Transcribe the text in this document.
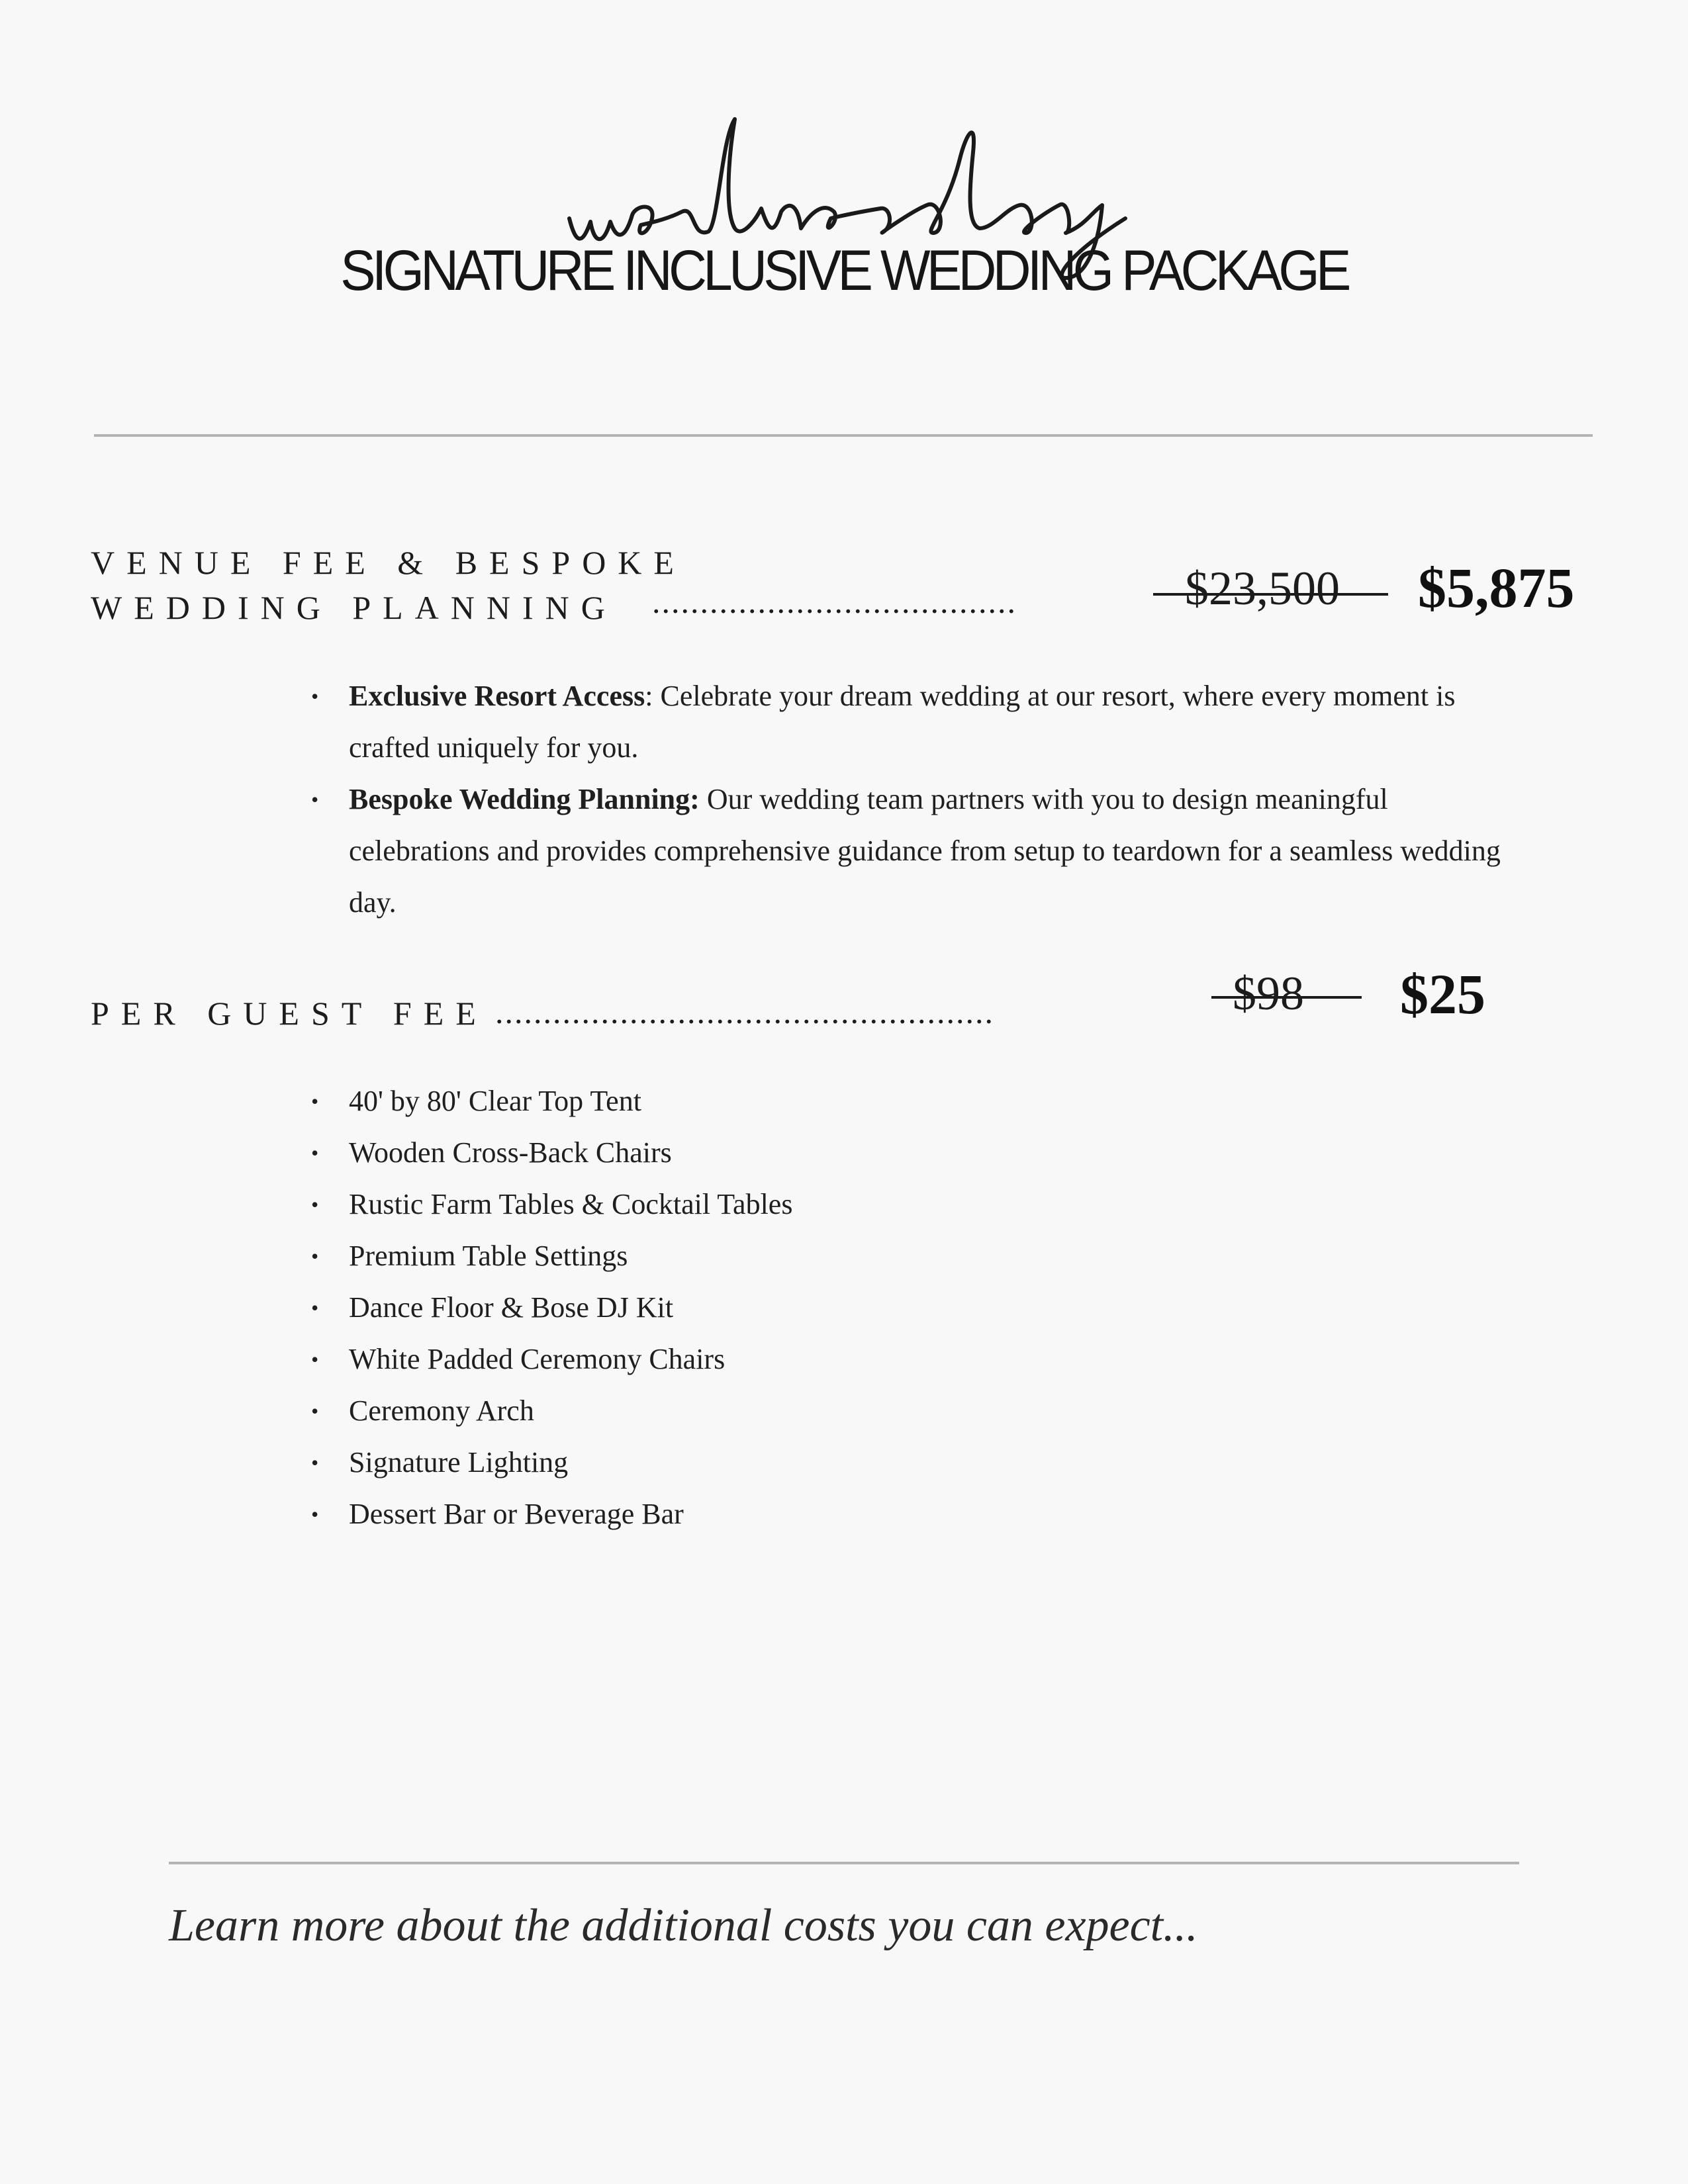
SIGNATURE INCLUSIVE WEDDING PACKAGE
VENUE FEE & BESPOKE
WEDDING PLANNING	......................................	$23,500 $5,875
• Exclusive Resort Access: Celebrate your dream wedding at our resort, where every moment is crafted uniquely for you.
• Bespoke Wedding Planning: Our wedding team partners with you to design meaningful celebrations and provides comprehensive guidance from setup to teardown for a seamless wedding day.
PER GUEST FEE ....................................................	$98 $25
• 40' by 80' Clear Top Tent
• Wooden Cross-Back Chairs
• Rustic Farm Tables & Cocktail Tables
• Premium Table Settings
• Dance Floor & Bose DJ Kit
• White Padded Ceremony Chairs
• Ceremony Arch
• Signature Lighting
• Dessert Bar or Beverage Bar
Learn more about the additional costs you can expect...
